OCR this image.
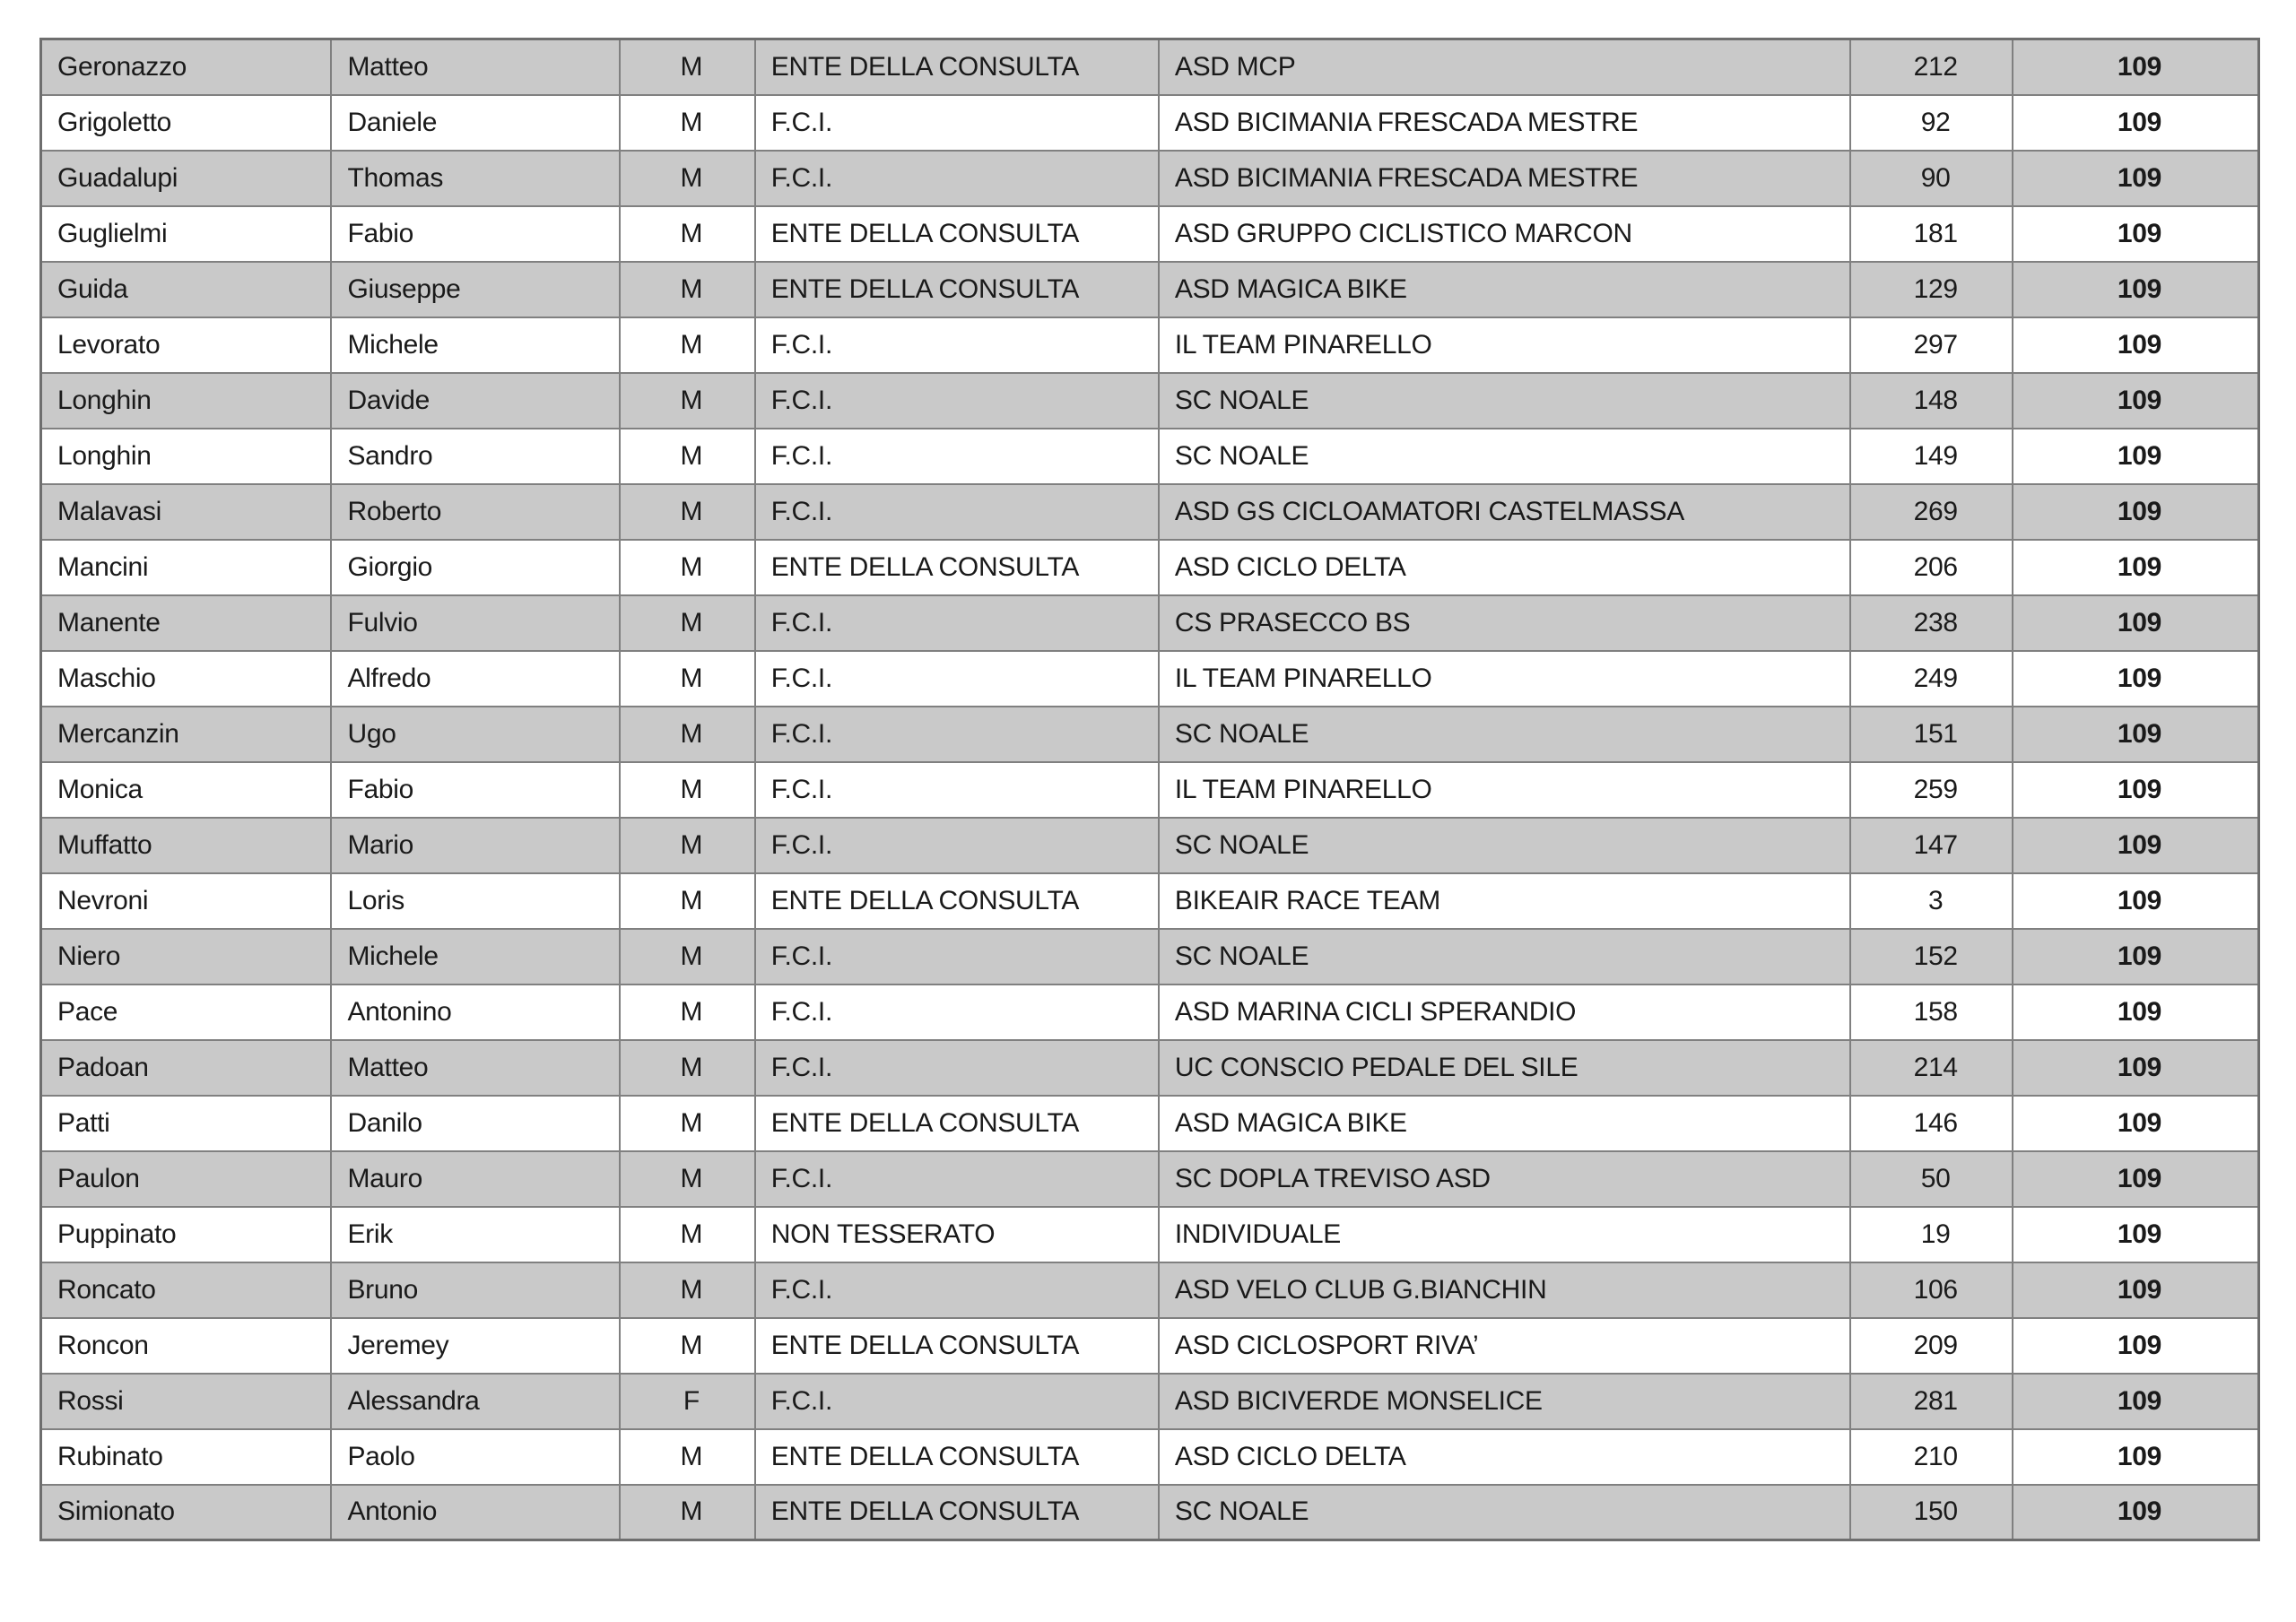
Geronazzo	Matteo	M	ENTE DELLA CONSULTA	ASD MCP	212	109
Grigoletto	Daniele	M	F.C.I.	ASD BICIMANIA FRESCADA MESTRE	92	109
Guadalupi	Thomas	M	F.C.I.	ASD BICIMANIA FRESCADA MESTRE	90	109
Guglielmi	Fabio	M	ENTE DELLA CONSULTA	ASD GRUPPO CICLISTICO MARCON	181	109
Guida	Giuseppe	M	ENTE DELLA CONSULTA	ASD MAGICA BIKE	129	109
Levorato	Michele	M	F.C.I.	IL TEAM PINARELLO	297	109
Longhin	Davide	M	F.C.I.	SC NOALE	148	109
Longhin	Sandro	M	F.C.I.	SC NOALE	149	109
Malavasi	Roberto	M	F.C.I.	ASD GS CICLOAMATORI CASTELMASSA	269	109
Mancini	Giorgio	M	ENTE DELLA CONSULTA	ASD CICLO DELTA	206	109
Manente	Fulvio	M	F.C.I.	CS PRASECCO BS	238	109
Maschio	Alfredo	M	F.C.I.	IL TEAM PINARELLO	249	109
Mercanzin	Ugo	M	F.C.I.	SC NOALE	151	109
Monica	Fabio	M	F.C.I.	IL TEAM PINARELLO	259	109
Muffatto	Mario	M	F.C.I.	SC NOALE	147	109
Nevroni	Loris	M	ENTE DELLA CONSULTA	BIKEAIR RACE TEAM	3	109
Niero	Michele	M	F.C.I.	SC NOALE	152	109
Pace	Antonino	M	F.C.I.	ASD MARINA CICLI SPERANDIO	158	109
Padoan	Matteo	M	F.C.I.	UC CONSCIO PEDALE DEL SILE	214	109
Patti	Danilo	M	ENTE DELLA CONSULTA	ASD MAGICA BIKE	146	109
Paulon	Mauro	M	F.C.I.	SC DOPLA TREVISO ASD	50	109
Puppinato	Erik	M	NON TESSERATO	INDIVIDUALE	19	109
Roncato	Bruno	M	F.C.I.	ASD VELO CLUB G.BIANCHIN	106	109
Roncon	Jeremey	M	ENTE DELLA CONSULTA	ASD CICLOSPORT RIVA’	209	109
Rossi	Alessandra	F	F.C.I.	ASD BICIVERDE MONSELICE	281	109
Rubinato	Paolo	M	ENTE DELLA CONSULTA	ASD CICLO DELTA	210	109
Simionato	Antonio	M	ENTE DELLA CONSULTA	SC NOALE	150	109
